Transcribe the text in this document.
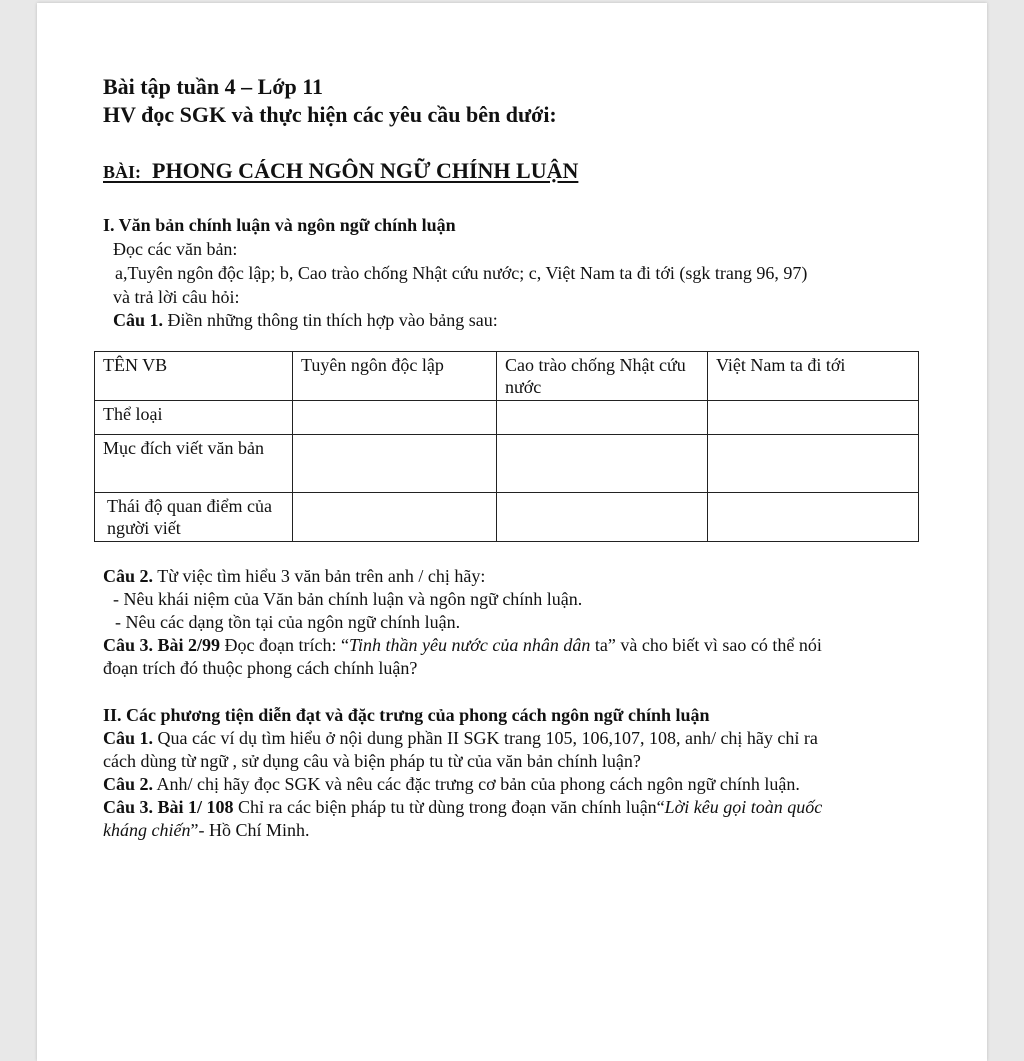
Bài tập tuần 4 – Lớp 11
HV đọc SGK và thực hiện các yêu cầu bên dưới:
BÀI: PHONG CÁCH NGÔN NGỮ CHÍNH LUẬN
I. Văn bản chính luận và ngôn ngữ chính luận
Đọc các văn bản:
a,Tuyên ngôn độc lập; b, Cao trào chống Nhật cứu nước; c, Việt Nam ta đi tới (sgk trang 96, 97)
và trả lời câu hỏi:
Câu 1. Điền những thông tin thích hợp vào bảng sau:
TÊN VB	Tuyên ngôn độc lập	Cao trào chống Nhật cứu nước	Việt Nam ta đi tới
Thể loại			
Mục đích viết văn bản			
Thái độ quan điểm của người viết			
Câu 2. Từ việc tìm hiểu 3 văn bản trên anh / chị hãy:
- Nêu khái niệm của Văn bản chính luận và ngôn ngữ chính luận.
- Nêu các dạng tồn tại của ngôn ngữ chính luận.
Câu 3. Bài 2/99 Đọc đoạn trích: “Tinh thần yêu nước của nhân dân ta” và cho biết vì sao có thể nói
đoạn trích đó thuộc phong cách chính luận?
II. Các phương tiện diễn đạt và đặc trưng của phong cách ngôn ngữ chính luận
Câu 1. Qua các ví dụ tìm hiểu ở nội dung phần II SGK trang 105, 106,107, 108, anh/ chị hãy chỉ ra
cách dùng từ ngữ , sử dụng câu và biện pháp tu từ của văn bản chính luận?
Câu 2. Anh/ chị hãy đọc SGK và nêu các đặc trưng cơ bản của phong cách ngôn ngữ chính luận.
Câu 3. Bài 1/ 108 Chỉ ra các biện pháp tu từ dùng trong đoạn văn chính luận“Lời kêu gọi toàn quốc
kháng chiến”- Hồ Chí Minh.
